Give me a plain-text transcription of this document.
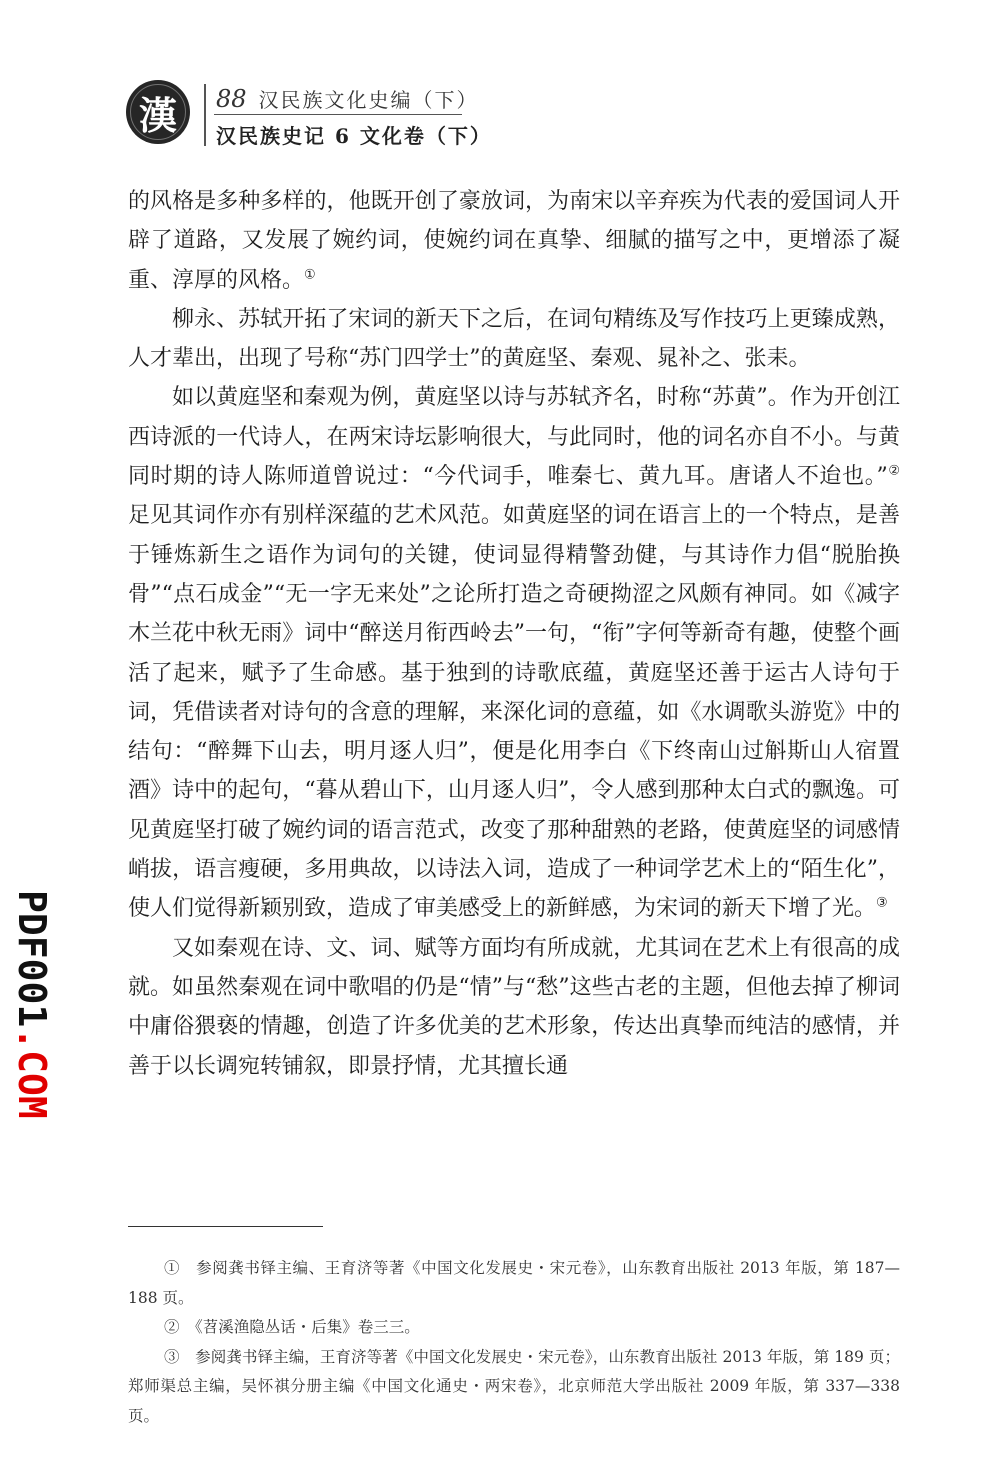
漢 88 汉民族文化史编（下）
汉民族史记 6 文化卷（下）

的风格是多种多样的，他既开创了豪放词，为南宋以辛弃疾为代表的爱国词人开辟了道路，又发展了婉约词，使婉约词在真挚、细腻的描写之中，更增添了凝重、淳厚的风格。①

柳永、苏轼开拓了宋词的新天下之后，在词句精练及写作技巧上更臻成熟，人才辈出，出现了号称“苏门四学士”的黄庭坚、秦观、晁补之、张耒。

如以黄庭坚和秦观为例，黄庭坚以诗与苏轼齐名，时称“苏黄”。作为开创江西诗派的一代诗人，在两宋诗坛影响很大，与此同时，他的词名亦自不小。与黄同时期的诗人陈师道曾说过：“今代词手，唯秦七、黄九耳。唐诸人不迨也。”② 足见其词作亦有别样深蕴的艺术风范。如黄庭坚的词在语言上的一个特点，是善于锤炼新生之语作为词句的关键，使词显得精警劲健，与其诗作力倡“脱胎换骨”“点石成金”“无一字无来处”之论所打造之奇硬拗涩之风颇有神同。如《减字木兰花中秋无雨》词中“醉送月衔西岭去”一句，“衔”字何等新奇有趣，使整个画活了起来，赋予了生命感。基于独到的诗歌底蕴，黄庭坚还善于运古人诗句于词，凭借读者对诗句的含意的理解，来深化词的意蕴，如《水调歌头游览》中的结句：“醉舞下山去，明月逐人归”，便是化用李白《下终南山过斛斯山人宿置酒》诗中的起句，“暮从碧山下，山月逐人归”，令人感到那种太白式的飘逸。可见黄庭坚打破了婉约词的语言范式，改变了那种甜熟的老路，使黄庭坚的词感情峭拔，语言瘦硬，多用典故，以诗法入词，造成了一种词学艺术上的“陌生化”，使人们觉得新颖别致，造成了审美感受上的新鲜感，为宋词的新天下增了光。③

又如秦观在诗、文、词、赋等方面均有所成就，尤其词在艺术上有很高的成就。如虽然秦观在词中歌唱的仍是“情”与“愁”这些古老的主题，但他去掉了柳词中庸俗猥亵的情趣，创造了许多优美的艺术形象，传达出真挚而纯洁的感情，并善于以长调宛转铺叙，即景抒情，尤其擅长通

①　参阅龚书铎主编、王育济等著《中国文化发展史・宋元卷》，山东教育出版社 2013 年版，第 187—188 页。

②　《苕溪渔隐丛话・后集》卷三三。

③　参阅龚书铎主编，王育济等著《中国文化发展史・宋元卷》，山东教育出版社 2013 年版，第 189 页；郑师渠总主编，吴怀祺分册主编《中国文化通史・两宋卷》，北京师范大学出版社 2009 年版，第 337—338 页。

PDF001.COM
